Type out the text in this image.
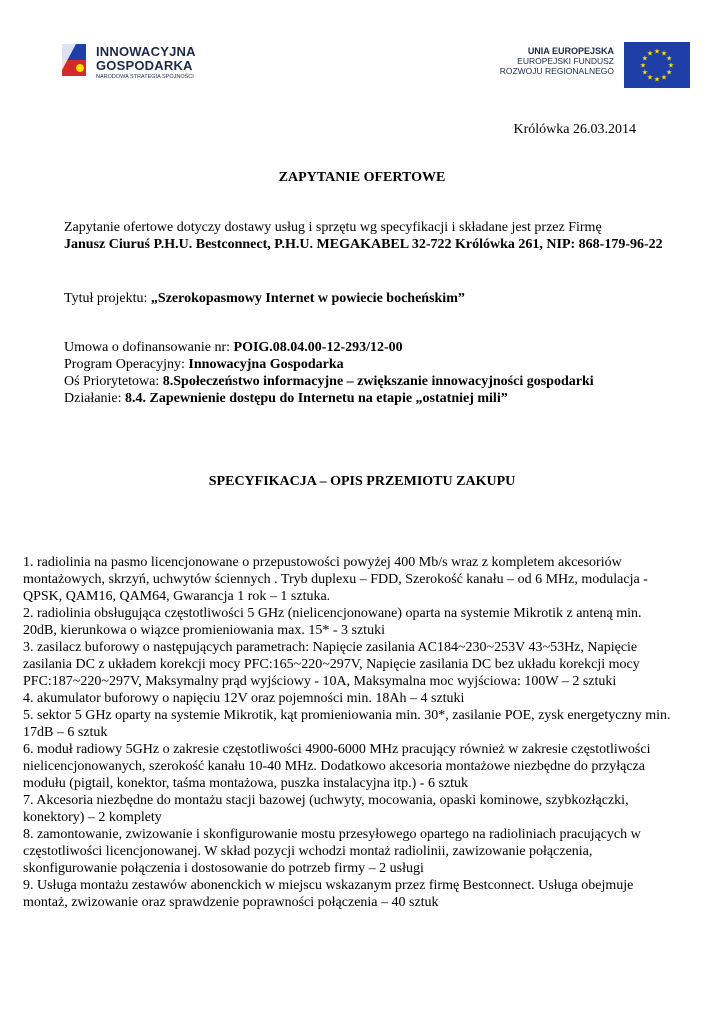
INNOWACYJNA
GOSPODARKA
NARODOWA STRATEGIA SPÓJNOŚCI
UNIA EUROPEJSKA
EUROPEJSKI FUNDUSZ
ROZWOJU REGIONALNEGO
★
★
★
★
★
★
★
★
★ ★ ★
★
Królówka 26.03.2014
ZAPYTANIE OFERTOWE
Zapytanie ofertowe dotyczy dostawy usług i sprzętu wg specyfikacji i składane jest przez Firmę
Janusz Ciuruś P.H.U. Bestconnect, P.H.U. MEGAKABEL 32-722 Królówka 261, NIP: 868-179-96-22
Tytuł projektu: „Szerokopasmowy Internet w powiecie bocheńskim”
Umowa o dofinansowanie nr: POIG.08.04.00-12-293/12-00
Program Operacyjny: Innowacyjna Gospodarka
Oś Priorytetowa: 8.Społeczeństwo informacyjne – zwiększanie innowacyjności gospodarki
Działanie: 8.4. Zapewnienie dostępu do Internetu na etapie „ostatniej mili”
SPECYFIKACJA – OPIS PRZEMIOTU ZAKUPU

1. radiolinia na pasmo licencjonowane o przepustowości powyżej 400 Mb/s wraz z kompletem akcesoriów montażowych, skrzyń, uchwytów ściennych . Tryb duplexu – FDD, Szerokość kanału – od 6 MHz, modulacja - QPSK, QAM16, QAM64, Gwarancja 1 rok – 1 sztuka.

2. radiolinia obsługująca częstotliwości 5 GHz (nielicencjonowane) oparta na systemie Mikrotik z anteną min. 20dB, kierunkowa o wiązce promieniowania max. 15* - 3 sztuki

3. zasilacz buforowy o następujących parametrach: Napięcie zasilania AC184~230~253V 43~53Hz, Napięcie zasilania DC z układem korekcji mocy PFC:165~220~297V, Napięcie zasilania DC bez układu korekcji mocy PFC:187~220~297V, Maksymalny prąd wyjściowy - 10A, Maksymalna moc wyjściowa: 100W – 2 sztuki

4. akumulator buforowy o napięciu 12V oraz pojemności min. 18Ah – 4 sztuki

5. sektor 5 GHz oparty na systemie Mikrotik, kąt promieniowania min. 30*, zasilanie POE, zysk energetyczny min. 17dB – 6 sztuk

6. moduł radiowy 5GHz o zakresie częstotliwości 4900-6000 MHz pracujący również w zakresie częstotliwości nielicencjonowanych, szerokość kanału 10-40 MHz. Dodatkowo akcesoria montażowe niezbędne do przyłącza modułu (pigtail, konektor, taśma montażowa, puszka instalacyjna itp.) - 6 sztuk

7. Akcesoria niezbędne do montażu stacji bazowej (uchwyty, mocowania, opaski kominowe, szybkozłączki, konektory) – 2 komplety

8. zamontowanie, zwizowanie i skonfigurowanie mostu przesyłowego opartego na radioliniach pracujących w częstotliwości licencjonowanej. W skład pozycji wchodzi montaż radiolinii, zawizowanie połączenia, skonfigurowanie połączenia i dostosowanie do potrzeb firmy – 2 usługi

9. Usługa montażu zestawów abonenckich w miejscu wskazanym przez firmę Bestconnect. Usługa obejmuje montaż, zwizowanie oraz sprawdzenie poprawności połączenia – 40 sztuk
